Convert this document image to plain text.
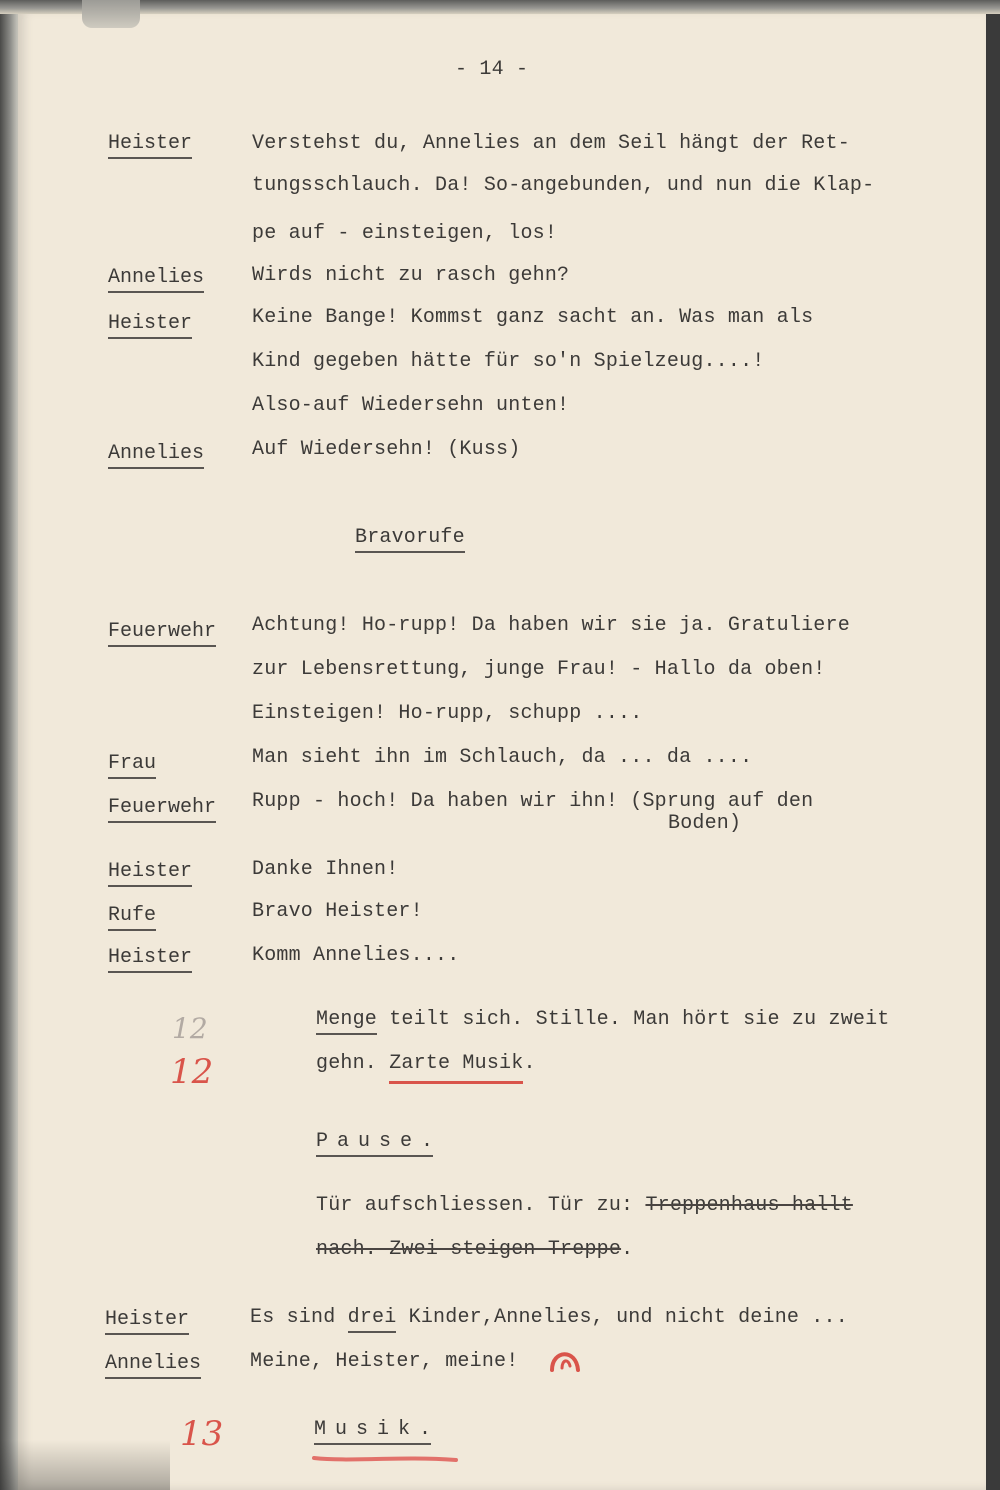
- 14 -
Heister	Verstehst du, Annelies an dem Seil hängt der Ret-
tungsschlauch. Da! So-angebunden, und nun die Klap-
pe auf - einsteigen, los!
Annelies Wirds nicht zu rasch gehn?
Heister	Keine Bange! Kommst ganz sacht an. Was man als
Kind gegeben hätte für so'n Spielzeug....!
Also-auf Wiedersehn unten!
Annelies Auf Wiedersehn! (Kuss)
Bravorufe
Feuerwehr Achtung! Ho-rupp! Da haben wir sie ja. Gratuliere
zur Lebensrettung, junge Frau! - Hallo da oben!
Einsteigen! Ho-rupp, schupp ....
Frau	Man sieht ihn im Schlauch, da ... da ....
Feuerwehr Rupp - hoch! Da haben wir ihn! (Sprung auf den
Boden)
Heister	Danke Ihnen!
Rufe	Bravo Heister!
Heister	Komm Annelies....
Menge teilt sich. Stille. Man hört sie zu zweit
gehn. Zarte Musik.
Pause.
Tür aufschliessen. Tür zu: Treppenhaus hallt
nach. Zwei steigen Treppe.
Heister	Es sind drei Kinder,Annelies, und nicht deine ...
Annelies Meine, Heister, meine!
Musik.
12
12
13
